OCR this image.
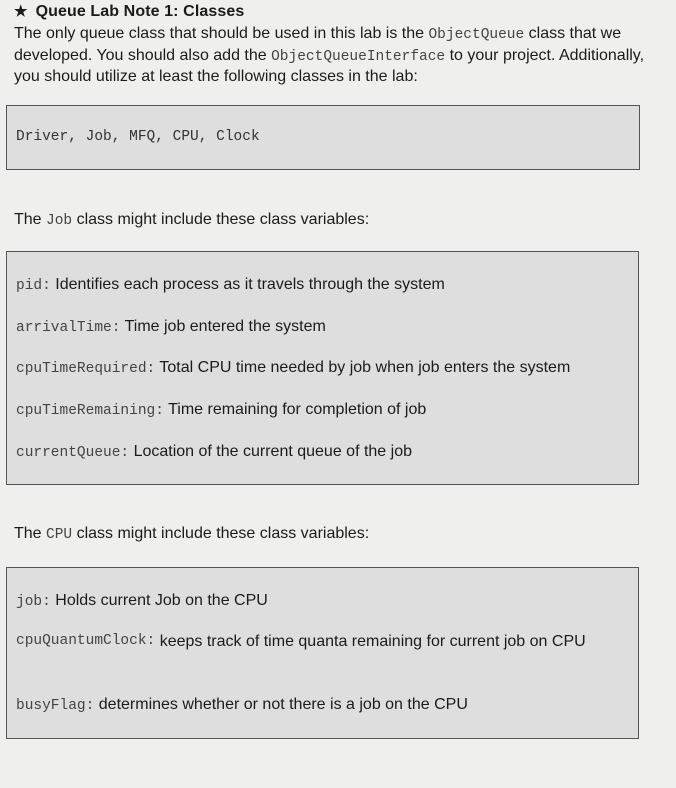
★ Queue Lab Note 1: Classes
The only queue class that should be used in this lab is the ObjectQueue class that we developed. You should also add the ObjectQueueInterface to your project. Additionally, you should utilize at least the following classes in the lab:
Driver, Job, MFQ, CPU, Clock
The Job class might include these class variables:
pid: Identifies each process as it travels through the system
arrivalTime: Time job entered the system
cpuTimeRequired: Total CPU time needed by job when job enters the system
cpuTimeRemaining: Time remaining for completion of job
currentQueue: Location of the current queue of the job
The CPU class might include these class variables:
job: Holds current Job on the CPU
cpuQuantumClock:
keeps track of time quanta remaining for current job on CPU
busyFlag: determines whether or not there is a job on the CPU
